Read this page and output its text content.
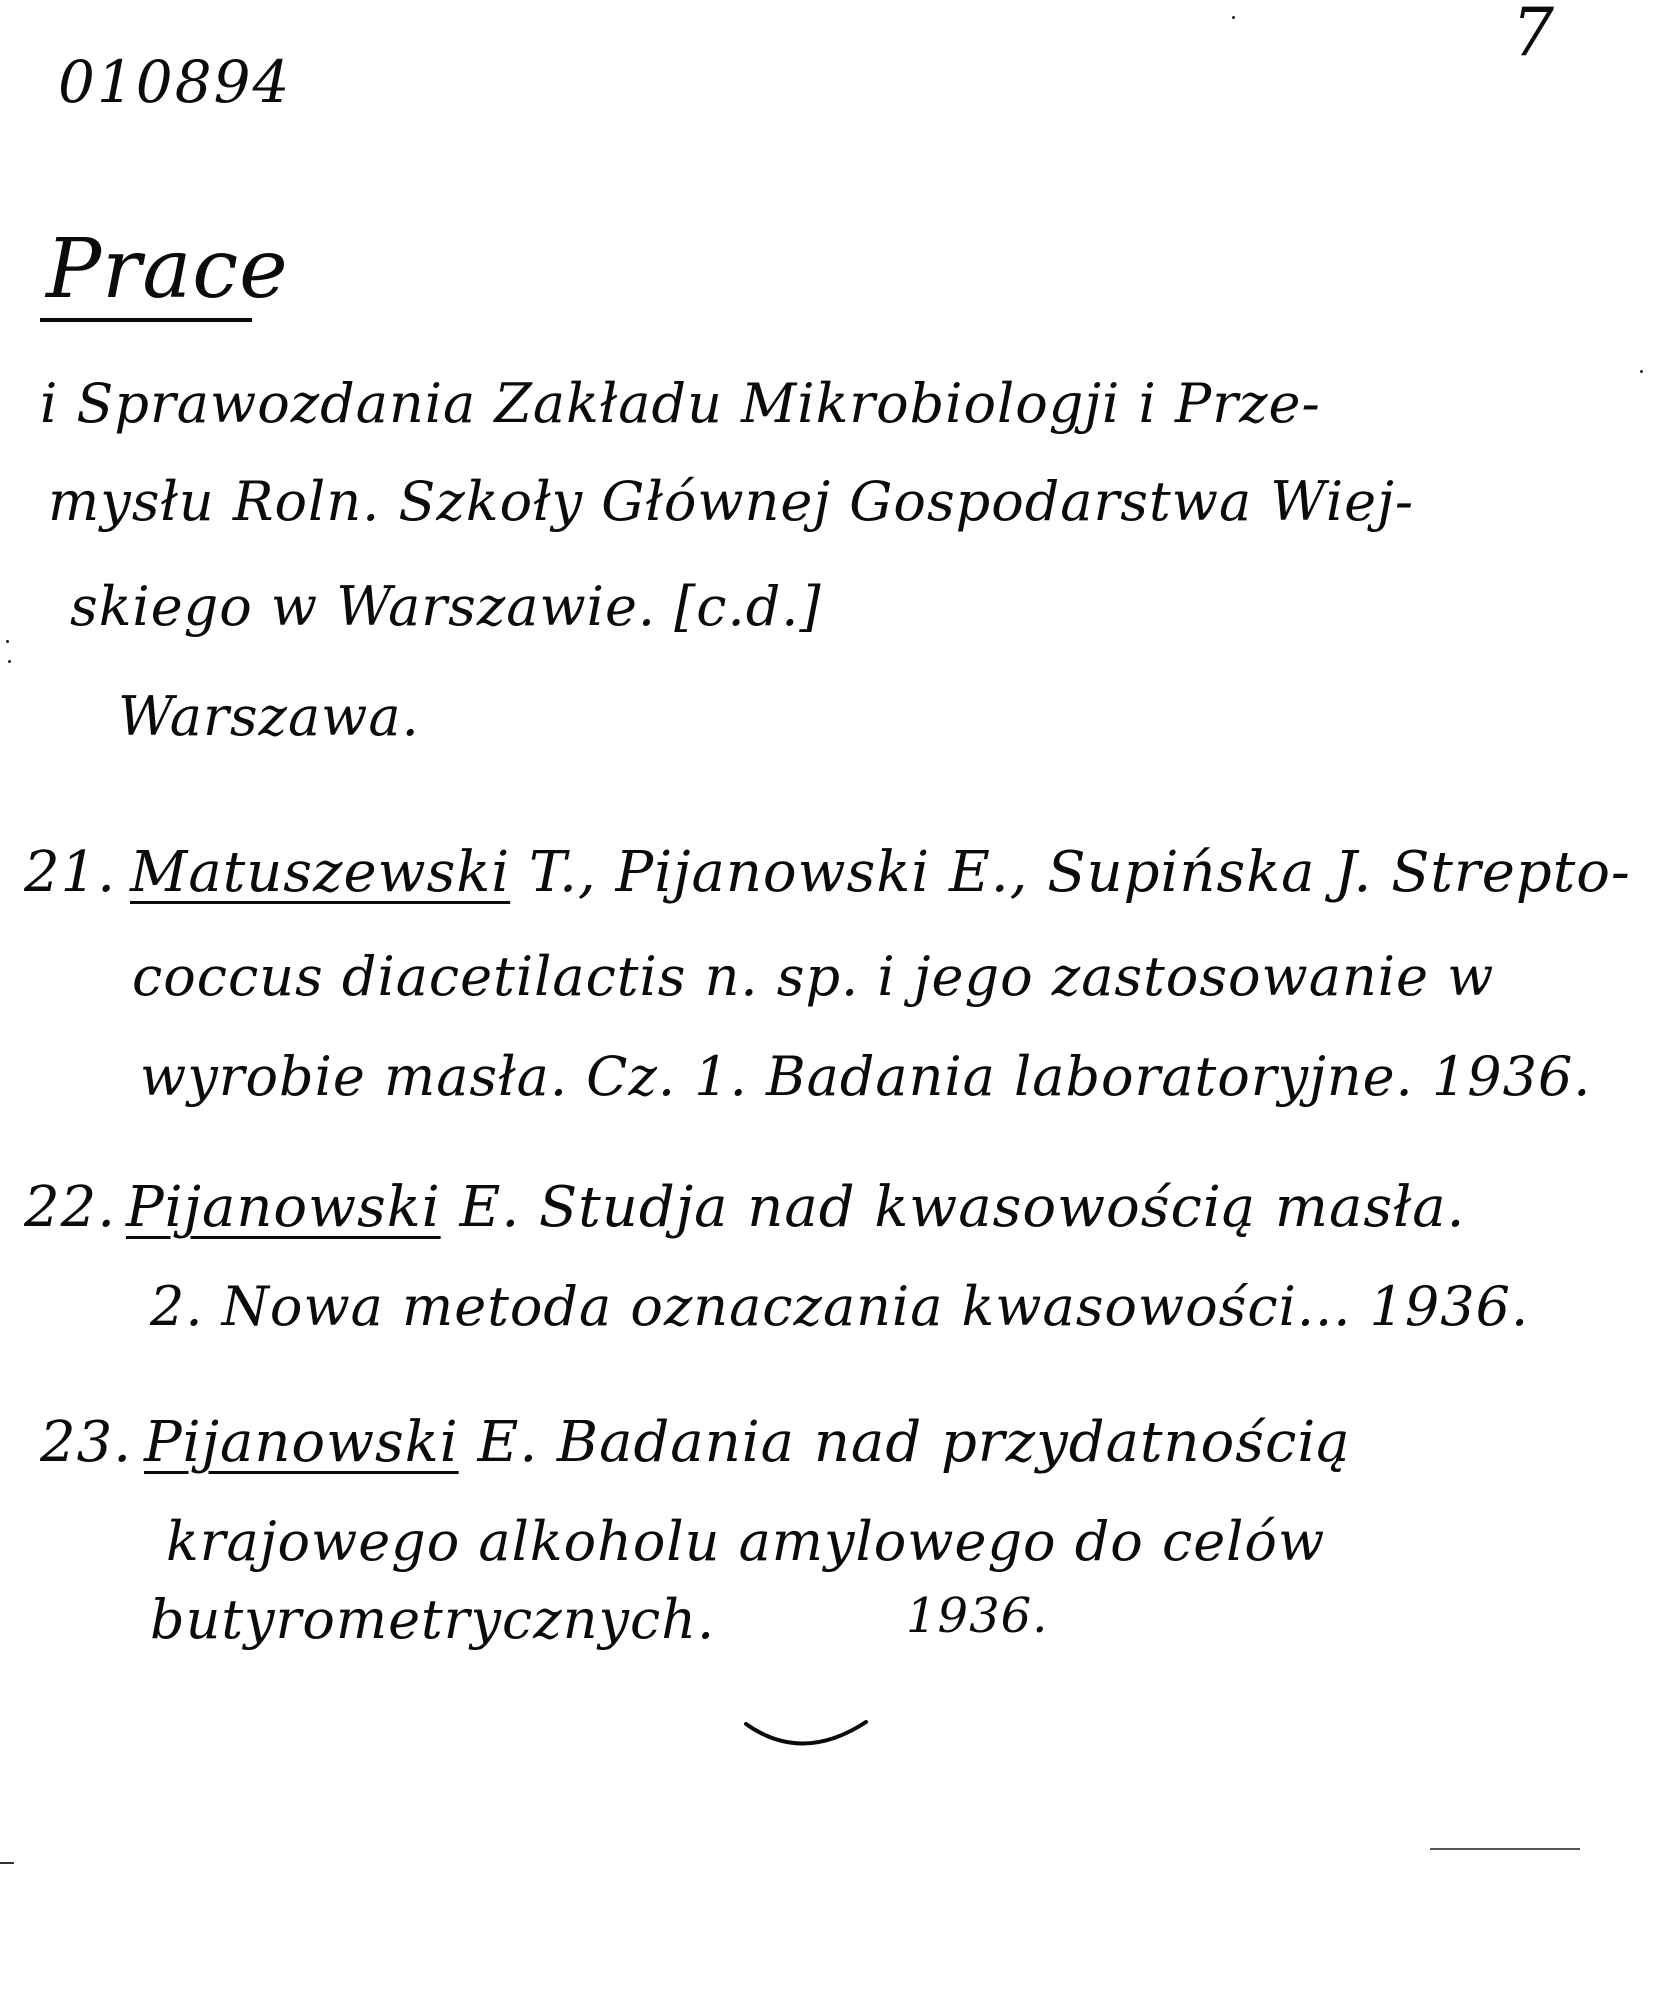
010894
7
Prace
i Sprawozdania Zakładu Mikrobiologji i Prze-
mysłu Roln. Szkoły Głównej Gospodarstwa Wiej-
skiego w Warszawie. [c.d.]
Warszawa.
21. Matuszewski T., Pijanowski E., Supińska J. Strepto-
coccus diacetilactis n. sp. i jego zastosowanie w
wyrobie masła. Cz. 1. Badania laboratoryjne. 1936.
22. Pijanowski E. Studja nad kwasowością masła.
2. Nowa metoda oznaczania kwasowości... 1936.
23. Pijanowski E. Badania nad przydatnością
krajowego alkoholu amylowego do celów
butyrometrycznych.	1936.
